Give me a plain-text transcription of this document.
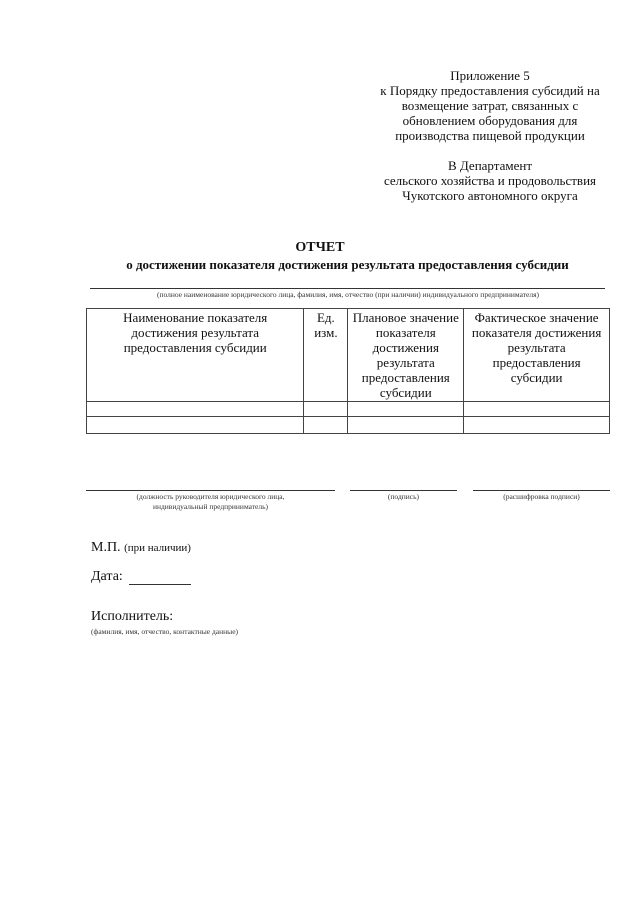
Приложение 5
к Порядку предоставления субсидий на
возмещение затрат, связанных с
обновлением оборудования для
производства пищевой продукции
В Департамент
сельского хозяйства и продовольствия
Чукотского автономного округа
ОТЧЕТ
о достижении показателя достижения результата предоставления субсидии
(полное наименование юридического лица, фамилия, имя, отчество (при наличии) индивидуального предпринимателя)
Наименование показателя достижения результата предоставления субсидии	Ед. изм.	Плановое значение показателя достижения результата предоставления субсидии	Фактическое значение показателя достижения результата предоставления субсидии

(должность руководителя юридического лица,
индивидуальный предприниматель)
(подпись)	(расшифровка подписи)
М.П. (при наличии)
Дата:
Исполнитель:
(фамилия, имя, отчество, контактные данные)
